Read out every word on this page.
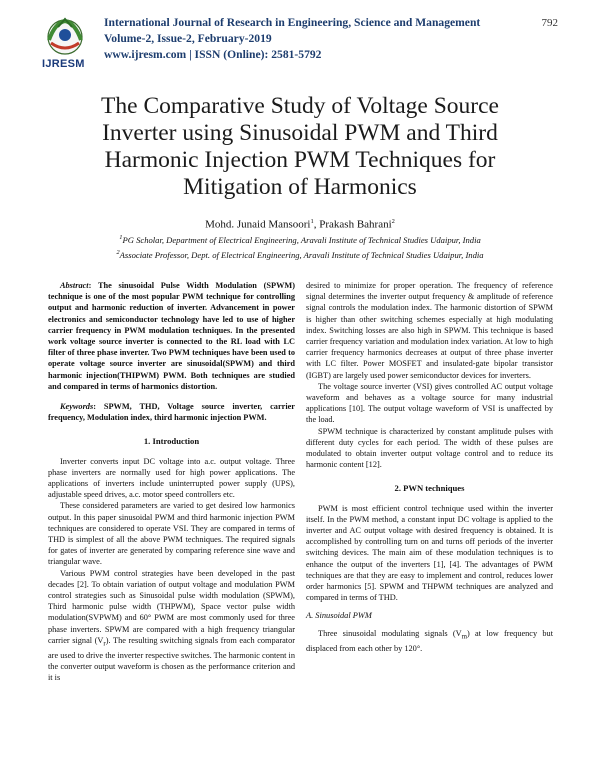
IJRESM
International Journal of Research in Engineering, Science and Management
Volume-2, Issue-2, February-2019
www.ijresm.com | ISSN (Online): 2581-5792
792
The Comparative Study of Voltage Source
Inverter using Sinusoidal PWM and Third
Harmonic Injection PWM Techniques for
Mitigation of Harmonics
Mohd. Junaid Mansoori$^1$, Prakash Bahrani$^2$
$^1$PG Scholar, Department of Electrical Engineering, Aravali Institute of Technical Studies Udaipur, India
$^2$Associate Professor, Dept. of Electrical Engineering, Aravali Institute of Technical Studies Udaipur, India

Abstract: The sinusoidal Pulse Width Modulation (SPWM) technique is one of the most popular PWM technique for controlling output and harmonic reduction of inverter. Advancement in power electronics and semiconductor technology have led to use of higher carrier frequency in PWM modulation techniques. In the presented work voltage source inverter is connected to the RL load with LC filter of three phase inverter. Two PWM techniques have been used to operate voltage source inverter are sinusoidal(SPWM) and third harmonic injection(THIPWM) PWM. Both techniques are studied and compared in terms of harmonics distortion.

Keywords: SPWM, THD, Voltage source inverter, carrier frequency, Modulation index, third harmonic injection PWM.

1. Introduction

Inverter converts input DC voltage into a.c. output voltage. Three phase inverters are normally used for high power applications. The applications of inverters include uninterrupted power supply (UPS), adjustable speed drives, a.c. motor speed controllers etc.

These considered parameters are varied to get desired low harmonics output. In this paper sinusoidal PWM and third harmonic injection PWM techniques are considered to operate VSI. They are compared in terms of THD is simplest of all the above PWM techniques. The required signals for gates of inverter are generated by comparing reference sine wave and triangular wave.

Various PWM control strategies have been developed in the past decades [2]. To obtain variation of output voltage and modulation PWM control strategies such as Sinusoidal pulse width modulation (SPWM), Third harmonic pulse width (THPWM), Space vector pulse width modulation(SVPWM) and 60° PWM are most commonly used for three phase inverters. SPWM are compared with a high frequency triangular carrier signal $(V_r)$. The resulting switching signals from each comparator are used to drive the inverter respective switches. The harmonic content in the converter output waveform is chosen as the performance criterion and it is

desired to minimize for proper operation. The frequency of reference signal determines the inverter output frequency & amplitude of reference signal controls the modulation index. The harmonic distortion of SPWM is higher than other switching schemes especially at high modulating index. Switching losses are also high in SPWM. This technique is based carrier frequency variation and modulation index variation. At low to high carrier frequency harmonics decreases at output of three phase inverter with LC filter. Power MOSFET and insulated-gate bipolar transistor (IGBT) are largely used power semiconductor devices for inverters.

The voltage source inverter (VSI) gives controlled AC output voltage waveform and behaves as a voltage source for many industrial applications [10]. The output voltage waveform of VSI is unaffected by the load.

SPWM technique is characterized by constant amplitude pulses with different duty cycles for each period. The width of these pulses are modulated to obtain inverter output voltage control and to reduce its harmonic content [12].

2. PWN techniques

PWM is most efficient control technique used within the inverter itself. In the PWM method, a constant input DC voltage is applied to the inverter and AC output voltage with desired frequency is obtained. It is accomplished by controlling turn on and turns off periods of the inverter switching devices. The main aim of these modulation techniques is to enhance the output of the inverters [1], [4]. The advantages of PWM techniques are that they are easy to implement and control, reduces lower order harmonics [5]. SPWM and THPWM techniques are analyzed and compared in terms of THD.

A. Sinusoidal PWM

Three sinusoidal modulating signals $(V_m)$ at low frequency but displaced from each other by 120°.
